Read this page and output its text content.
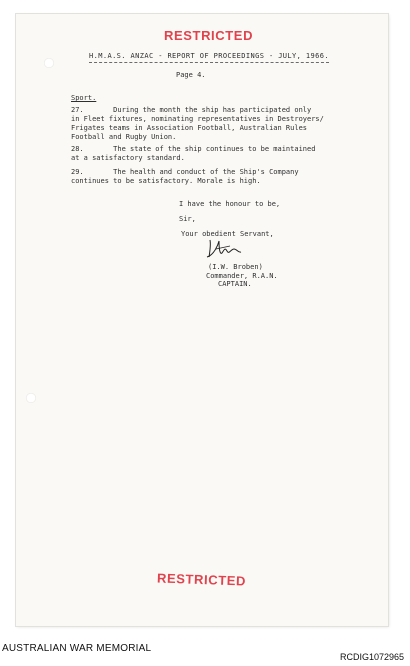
RESTRICTED
H.M.A.S. ANZAC - REPORT OF PROCEEDINGS - JULY, 1966.
Page 4.
Sport.
27.       During the month the ship has participated only
in Fleet fixtures, nominating representatives in Destroyers/
Frigates teams in Association Football, Australian Rules
Football and Rugby Union.
28.       The state of the ship continues to be maintained
at a satisfactory standard.
29.       The health and conduct of the Ship's Company
continues to be satisfactory. Morale is high.
I have the honour to be,
Sir,
Your obedient Servant,
(I.W. Broben)
Commander, R.A.N.
CAPTAIN.
RESTRICTED
AUSTRALIAN WAR MEMORIAL
RCDIG1072965
